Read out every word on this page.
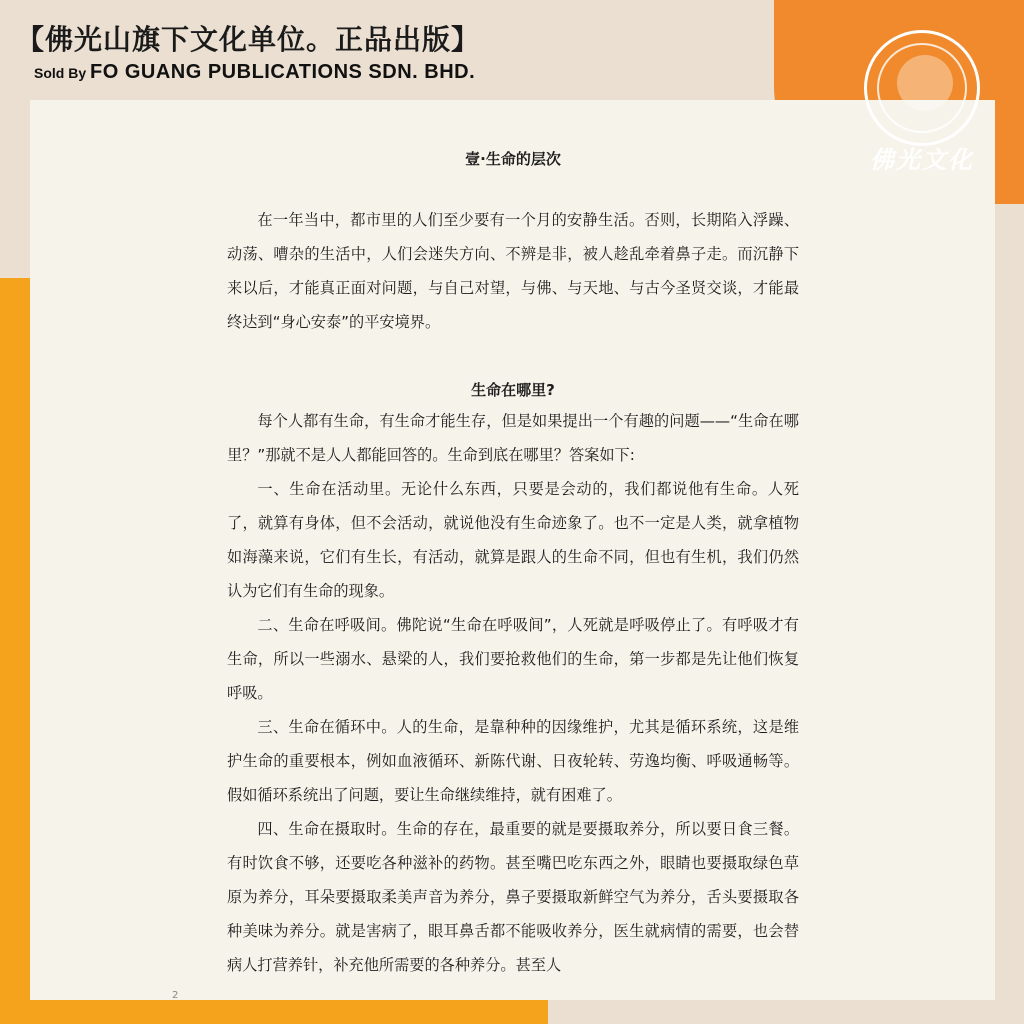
【佛光山旗下文化单位。正品出版】
Sold By FO GUANG PUBLICATIONS SDN. BHD.
佛光文化
壹·生命的层次

在一年当中，都市里的人们至少要有一个月的安静生活。否则，长期陷入浮躁、动荡、嘈杂的生活中，人们会迷失方向、不辨是非，被人趁乱牵着鼻子走。而沉静下来以后，才能真正面对问题，与自己对望，与佛、与天地、与古今圣贤交谈，才能最终达到“身心安泰”的平安境界。

生命在哪里?

每个人都有生命，有生命才能生存，但是如果提出一个有趣的问题——“生命在哪里？”那就不是人人都能回答的。生命到底在哪里？答案如下:

一、生命在活动里。无论什么东西，只要是会动的，我们都说他有生命。人死了，就算有身体，但不会活动，就说他没有生命迹象了。也不一定是人类，就拿植物如海藻来说，它们有生长，有活动，就算是跟人的生命不同，但也有生机，我们仍然认为它们有生命的现象。

二、生命在呼吸间。佛陀说“生命在呼吸间”，人死就是呼吸停止了。有呼吸才有生命，所以一些溺水、悬梁的人，我们要抢救他们的生命，第一步都是先让他们恢复呼吸。

三、生命在循环中。人的生命，是靠种种的因缘维护，尤其是循环系统，这是维护生命的重要根本，例如血液循环、新陈代谢、日夜轮转、劳逸均衡、呼吸通畅等。假如循环系统出了问题，要让生命继续维持，就有困难了。

四、生命在摄取时。生命的存在，最重要的就是要摄取养分，所以要日食三餐。有时饮食不够，还要吃各种滋补的药物。甚至嘴巴吃东西之外，眼睛也要摄取绿色草原为养分，耳朵要摄取柔美声音为养分，鼻子要摄取新鲜空气为养分，舌头要摄取各种美味为养分。就是害病了，眼耳鼻舌都不能吸收养分，医生就病情的需要，也会替病人打营养针，补充他所需要的各种养分。甚至人

2
